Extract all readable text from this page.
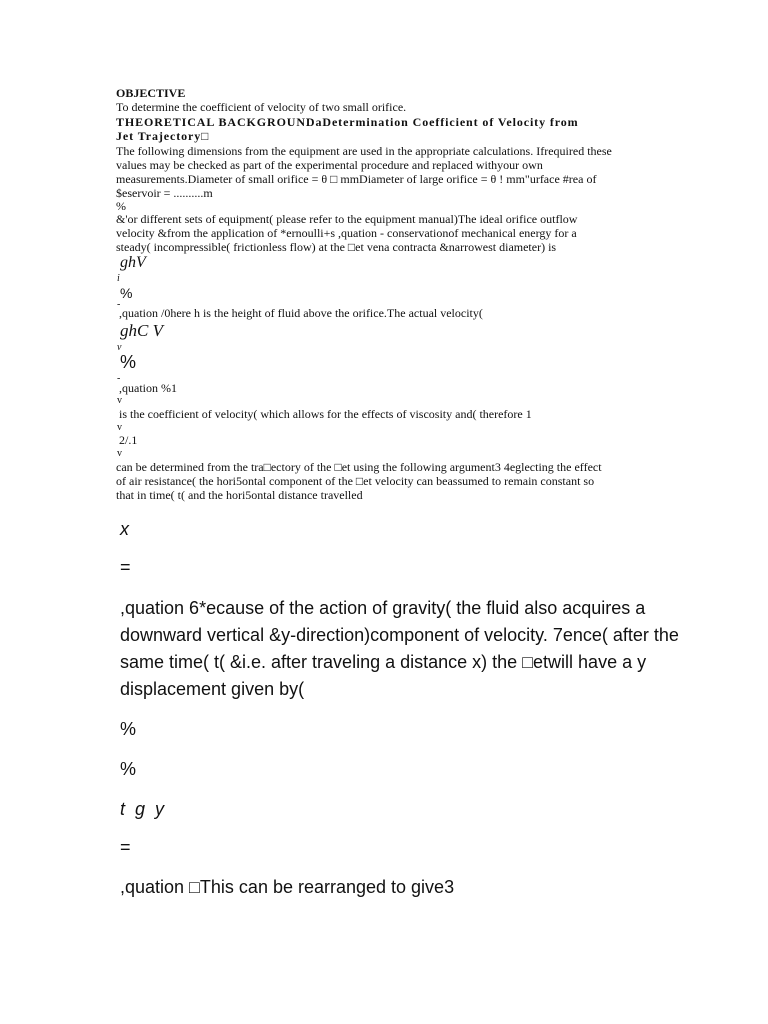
OBJECTIVE
To determine the coefficient of velocity of two small orifice.
THEORETICAL BACKGROUNDaDetermination Coefficient of Velocity from
Jet Trajectory□
The following dimensions from the equipment are used in the appropriate calculations. Ifrequired these
values may be checked as part of the experimental procedure and replaced withyour own
measurements.Diameter of small orifice = θ □ mmDiameter of large orifice = θ ! mm"urface #rea of
$eservoir = ..........m
%
&'or different sets of equipment( please refer to the equipment manual)The ideal orifice outflow
velocity &from the application of *ernoulli+s ,quation - conservationof mechanical energy for a
steady( incompressible( frictionless flow) at the □et vena contracta &narrowest diameter) is
ghV
i
%
-
,quation /0here h is the height of fluid above the orifice.The actual velocity(
ghC V
v
%
-
,quation %1
v
is the coefficient of velocity( which allows for the effects of viscosity and( therefore 1
v
2/.1
v
can be determined from the tra□ectory of the □et using the following argument3 4eglecting the effect
of air resistance( the hori5ontal component of the □et velocity can beassumed to remain constant so
that in time( t( and the hori5ontal distance travelled
x
=
,quation 6*ecause of the action of gravity( the fluid also acquires a downward vertical &y-direction)component of velocity. 7ence( after the same time( t( &i.e. after traveling a distance x) the □etwill have a y displacement given by(
%
%
t  g  y
=
,quation □This can be rearranged to give3
